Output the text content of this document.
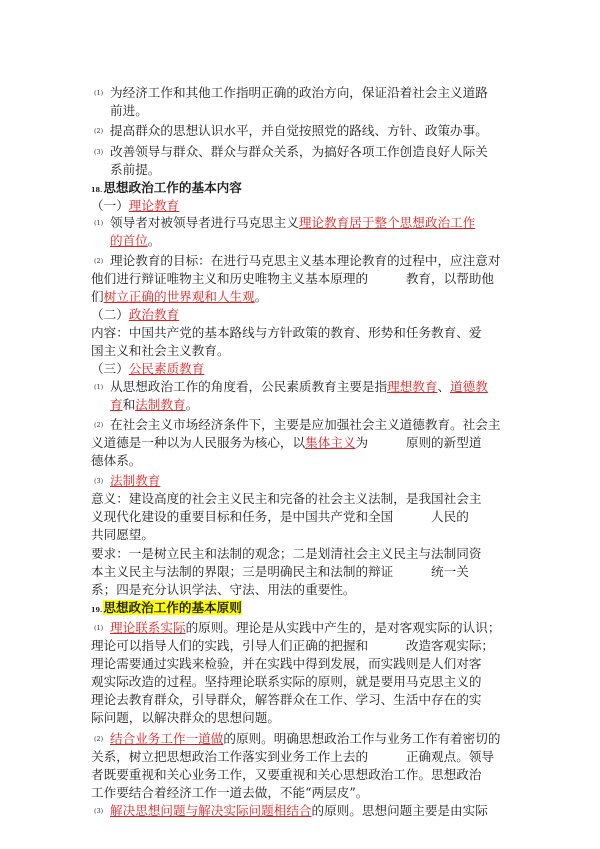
(1) 为经济工作和其他工作指明正确的政治方向，保证沿着社会主义道路
前进。
(2) 提高群众的思想认识水平，并自觉按照党的路线、方针、政策办事。
(3) 改善领导与群众、群众与群众关系，为搞好各项工作创造良好人际关
系前提。
18.思想政治工作的基本内容
（一）理论教育
(1) 领导者对被领导者进行马克思主义理论教育居于整个思想政治工作
的首位。
(2) 理论教育的目标：在进行马克思主义基本理论教育的过程中，应注意对
他们进行辩证唯物主义和历史唯物主义基本原理的　　　教育，以帮助他
们树立正确的世界观和人生观。
（二）政治教育
内容：中国共产党的基本路线与方针政策的教育、形势和任务教育、爱
国主义和社会主义教育。
（三）公民素质教育
(1) 从思想政治工作的角度看，公民素质教育主要是指理想教育、道德教
育和法制教育。
(2) 在社会主义市场经济条件下，主要是应加强社会主义道德教育。社会主
义道德是一种以为人民服务为核心，以集体主义为　　　原则的新型道
德体系。
(3) 法制教育
意义：建设高度的社会主义民主和完备的社会主义法制，是我国社会主
义现代化建设的重要目标和任务，是中国共产党和全国　　　人民的
共同愿望。
要求：一是树立民主和法制的观念；二是划清社会主义民主与法制同资
本主义民主与法制的界限；三是明确民主和法制的辩证　　　统一关
系；四是充分认识学法、守法、用法的重要性。
19.思想政治工作的基本原则
(1) 理论联系实际的原则。理论是从实践中产生的，是对客观实际的认识；
理论可以指导人们的实践，引导人们正确的把握和　　　改造客观实际；
理论需要通过实践来检验，并在实践中得到发展，而实践则是人们对客
观实际改造的过程。坚持理论联系实际的原则，就是要用马克思主义的
理论去教育群众，引导群众，解答群众在工作、学习、生活中存在的实
际问题，以解决群众的思想问题。
(2) 结合业务工作一道做的原则。明确思想政治工作与业务工作有着密切的
关系，树立把思想政治工作落实到业务工作上去的　　　正确观点。领导
者既要重视和关心业务工作，又要重视和关心思想政治工作。思想政治
工作要结合着经济工作一道去做，不能“两层皮”。
(3) 解决思想问题与解决实际问题相结合的原则。思想问题主要是由实际
